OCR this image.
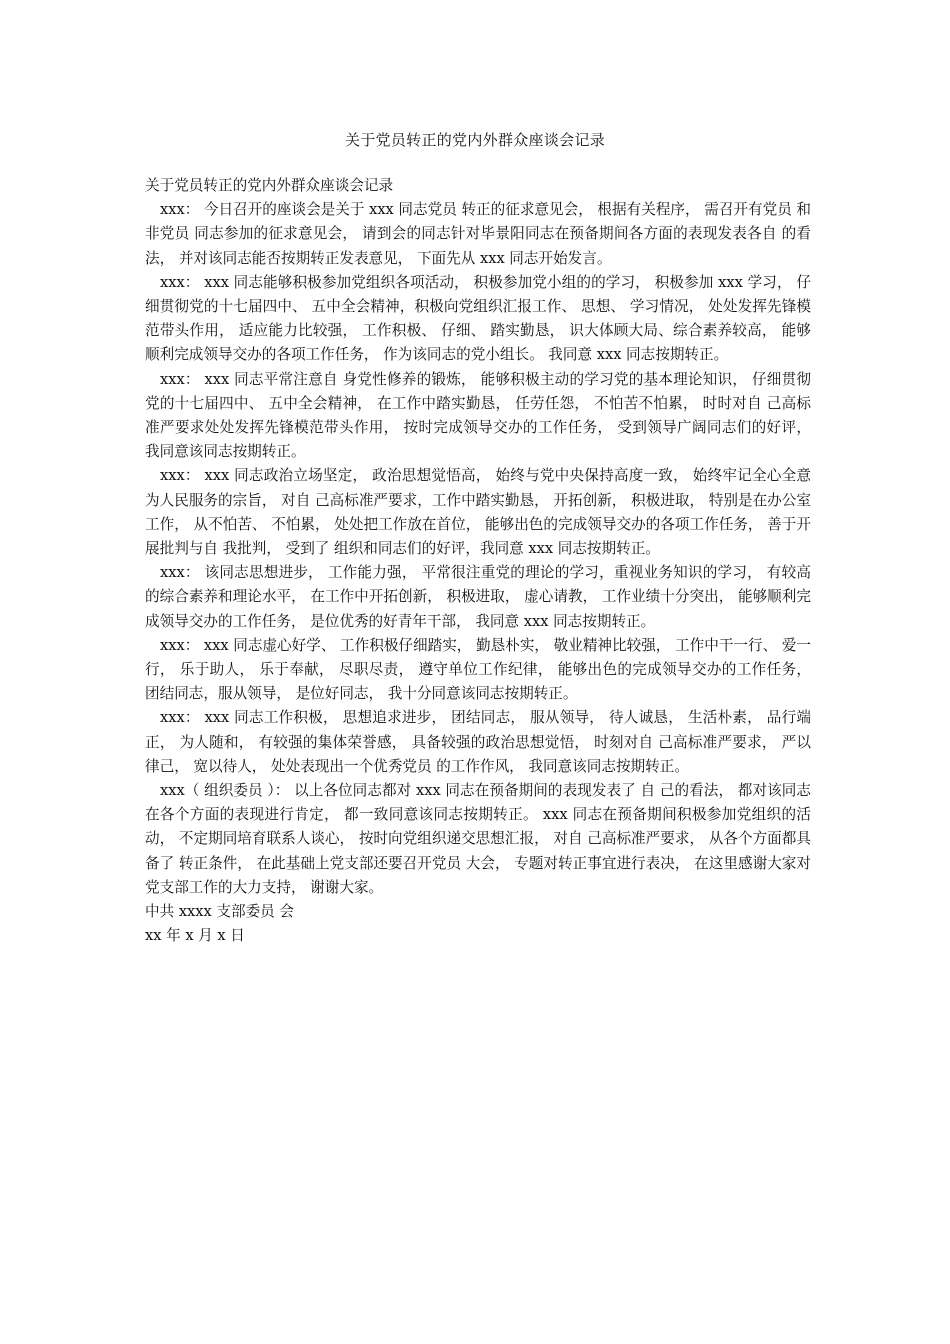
关于党员转正的党内外群众座谈会记录

关于党员转正的党内外群众座谈会记录

xxx： 今日召开的座谈会是关于 xxx 同志党员 转正的征求意见会， 根据有关程序， 需召开有党员 和非党员 同志参加的征求意见会， 请到会的同志针对毕景阳同志在预备期间各方面的表现发表各自 的看法， 并对该同志能否按期转正发表意见， 下面先从 xxx 同志开始发言。

xxx： xxx 同志能够积极参加党组织各项活动， 积极参加党小组的的学习， 积极参加 xxx 学习， 仔细贯彻党的十七届四中、 五中全会精神，积极向党组织汇报工作、 思想、 学习情况， 处处发挥先锋模范带头作用， 适应能力比较强， 工作积极、 仔细、 踏实勤恳， 识大体顾大局、综合素养较高， 能够顺利完成领导交办的各项工作任务， 作为该同志的党小组长。 我同意 xxx 同志按期转正。

xxx： xxx 同志平常注意自 身党性修养的锻炼， 能够积极主动的学习党的基本理论知识， 仔细贯彻党的十七届四中、 五中全会精神， 在工作中踏实勤恳， 任劳任怨， 不怕苦不怕累， 时时对自 己高标准严要求处处发挥先锋模范带头作用， 按时完成领导交办的工作任务， 受到领导广阔同志们的好评， 我同意该同志按期转正。

xxx： xxx 同志政治立场坚定， 政治思想觉悟高， 始终与党中央保持高度一致， 始终牢记全心全意为人民服务的宗旨， 对自 己高标准严要求，工作中踏实勤恳， 开拓创新， 积极进取， 特别是在办公室工作， 从不怕苦、 不怕累， 处处把工作放在首位， 能够出色的完成领导交办的各项工作任务， 善于开展批判与自 我批判， 受到了 组织和同志们的好评，我同意 xxx 同志按期转正。

xxx： 该同志思想进步， 工作能力强， 平常很注重党的理论的学习，重视业务知识的学习， 有较高的综合素养和理论水平， 在工作中开拓创新， 积极进取， 虚心请教， 工作业绩十分突出， 能够顺利完成领导交办的工作任务， 是位优秀的好青年干部， 我同意 xxx 同志按期转正。

xxx： xxx 同志虚心好学、 工作积极仔细踏实， 勤恳朴实， 敬业精神比较强， 工作中干一行、 爱一行， 乐于助人， 乐于奉献， 尽职尽责， 遵守单位工作纪律， 能够出色的完成领导交办的工作任务， 团结同志，服从领导， 是位好同志， 我十分同意该同志按期转正。

xxx： xxx 同志工作积极， 思想追求进步， 团结同志， 服从领导， 待人诚恳， 生活朴素， 品行端正， 为人随和， 有较强的集体荣誉感， 具备较强的政治思想觉悟， 时刻对自 己高标准严要求， 严以律己， 宽以待人， 处处表现出一个优秀党员 的工作作风， 我同意该同志按期转正。

xxx（ 组织委员 ）： 以上各位同志都对 xxx 同志在预备期间的表现发表了 自 己的看法， 都对该同志在各个方面的表现进行肯定， 都一致同意该同志按期转正。 xxx 同志在预备期间积极参加党组织的活动， 不定期同培育联系人谈心， 按时向党组织递交思想汇报， 对自 己高标准严要求， 从各个方面都具备了 转正条件， 在此基础上党支部还要召开党员 大会， 专题对转正事宜进行表决， 在这里感谢大家对党支部工作的大力支持， 谢谢大家。

中共 xxxx 支部委员 会

xx 年 x 月 x 日
